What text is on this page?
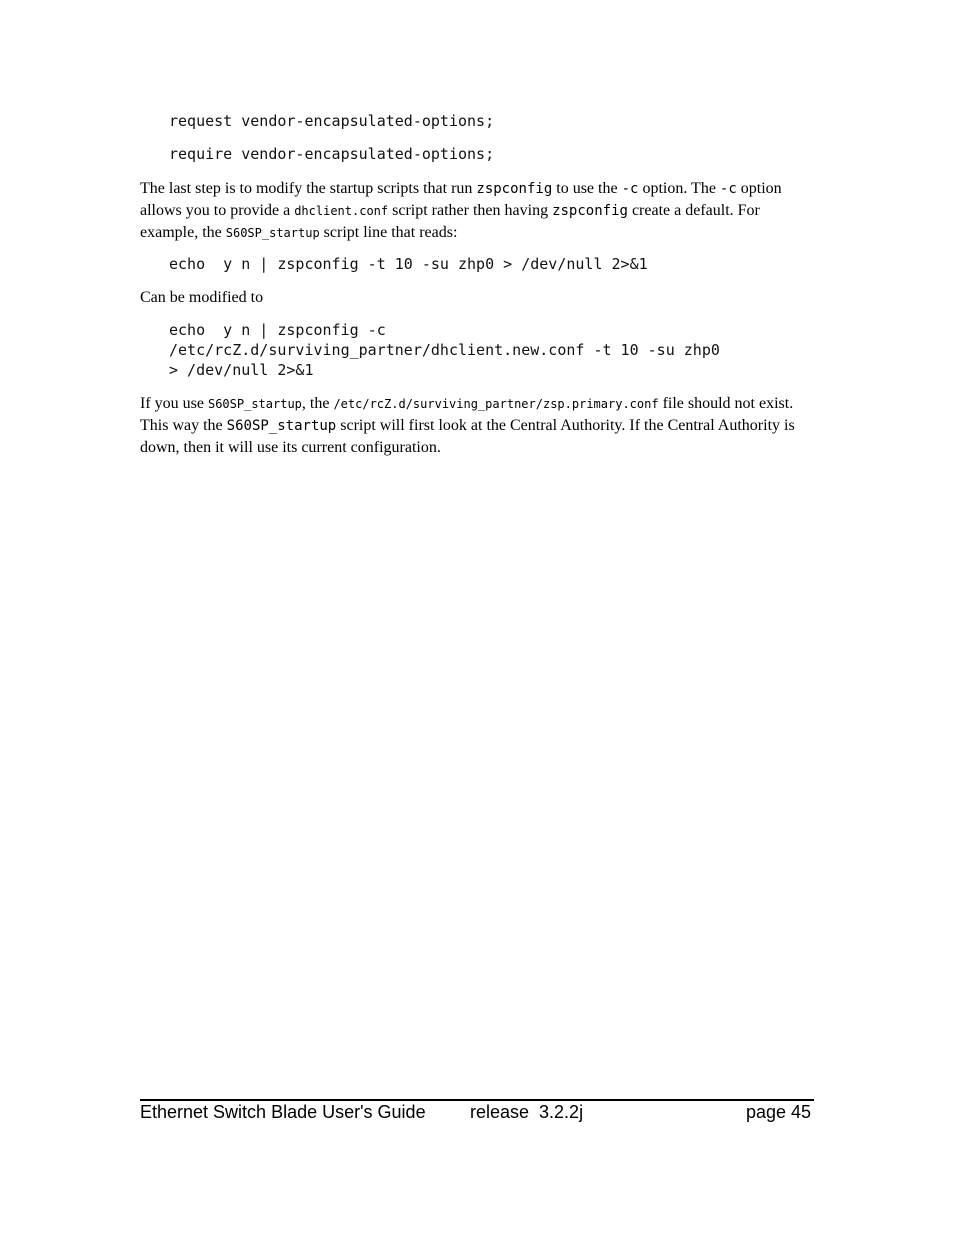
request vendor-encapsulated-options;
require vendor-encapsulated-options;
The last step is to modify the startup scripts that run zspconfig to use the -c option. The -c option allows you to provide a dhclient.conf script rather then having zspconfig create a default. For example, the S60SP_startup script line that reads:
echo  y n | zspconfig -t 10 -su zhp0 > /dev/null 2>&1
Can be modified to
echo  y n | zspconfig -c
/etc/rcZ.d/surviving_partner/dhclient.new.conf -t 10 -su zhp0
> /dev/null 2>&1
If you use S60SP_startup, the /etc/rcZ.d/surviving_partner/zsp.primary.conf file should not exist. This way the S60SP_startup script will first look at the Central Authority. If the Central Authority is down, then it will use its current configuration.
Ethernet Switch Blade User's Guide release  3.2.2j	page 45
